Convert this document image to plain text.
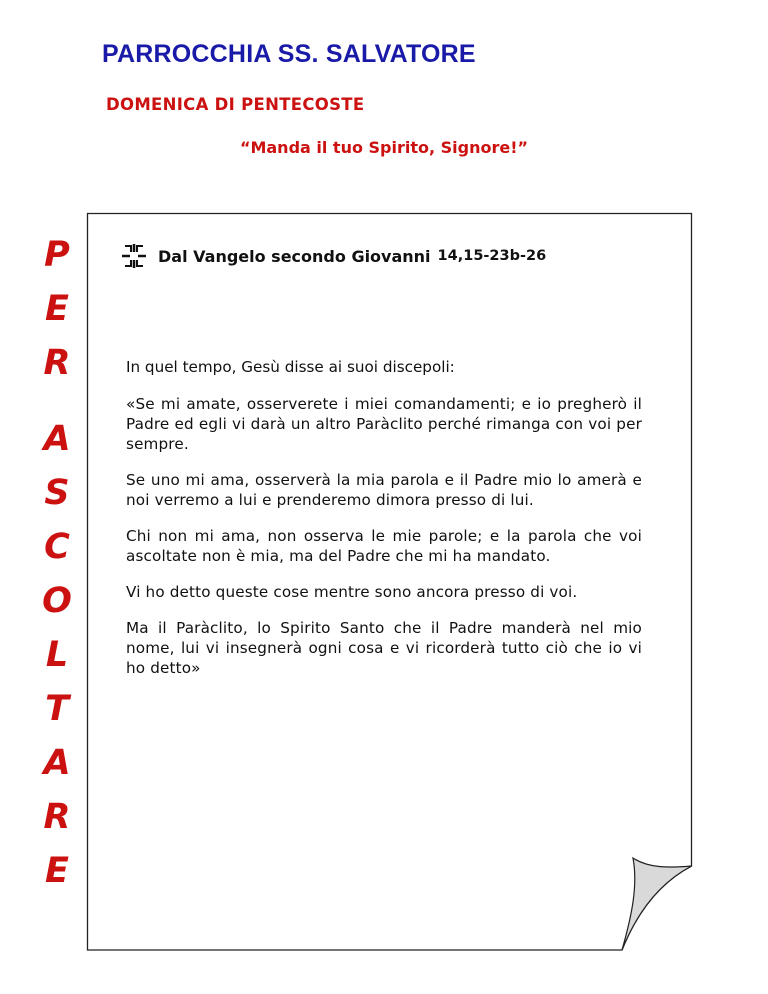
PARROCCHIA SS. SALVATORE
DOMENICA DI PENTECOSTE
“Manda il tuo Spirito, Signore!”
P
E
R
A
S
C
O
L
T
A
R
E
Dal Vangelo secondo Giovanni 14,15-23b-26
In quel tempo, Gesù disse ai suoi discepoli:
«Se mi amate, osserverete i miei comandamenti; e io pregherò il Padre ed egli vi darà un altro Paràclito perché rimanga con voi per sempre.
Se uno mi ama, osserverà la mia parola e il Padre mio lo amerà e noi verremo a lui e prenderemo dimora presso di lui.
Chi non mi ama, non osserva le mie parole; e la parola che voi ascoltate non è mia, ma del Padre che mi ha mandato.
Vi ho detto queste cose mentre sono ancora presso di voi.
Ma il Paràclito, lo Spirito Santo che il Padre manderà nel mio nome, lui vi insegnerà ogni cosa e vi ricorderà tutto ciò che io vi ho detto»
